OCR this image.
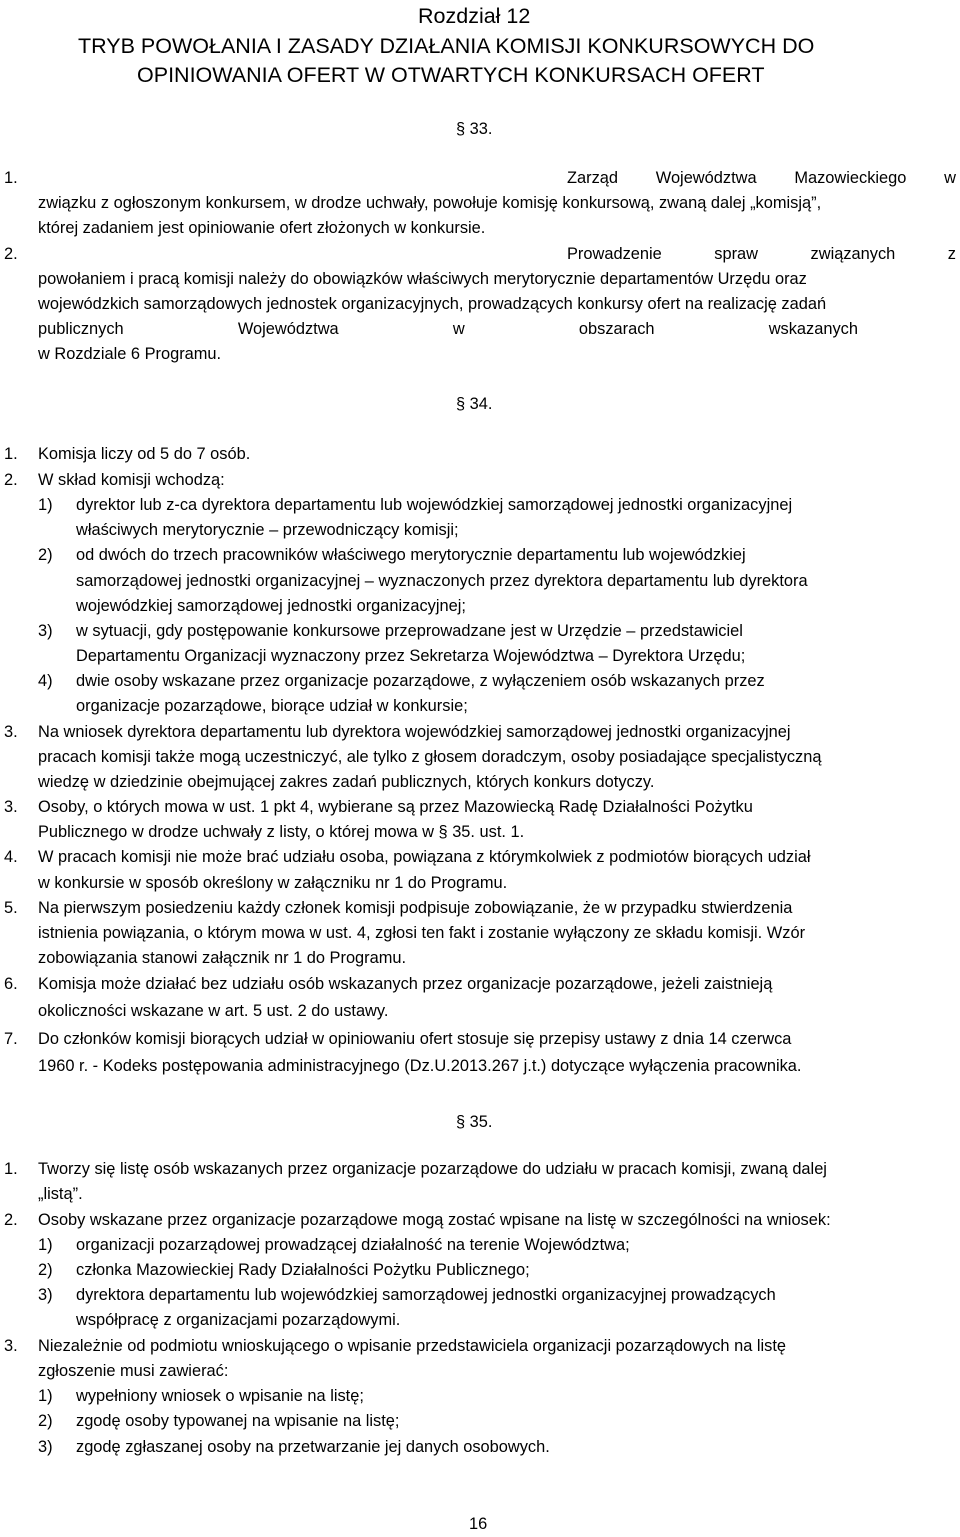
Rozdział 12
TRYB POWOŁANIA I ZASADY DZIAŁANIA KOMISJI KONKURSOWYCH DO
OPINIOWANIA OFERT W OTWARTYCH KONKURSACH OFERT
§ 33.
1.	Zarząd Województwa Mazowieckiego w
związku z ogłoszonym konkursem, w drodze uchwały, powołuje komisję konkursową, zwaną dalej „komisją”,
której zadaniem jest opiniowanie ofert złożonych w konkursie.
2.	Prowadzenie	spraw	związanych	z
powołaniem i pracą komisji należy do obowiązków właściwych merytorycznie departamentów Urzędu oraz
wojewódzkich samorządowych jednostek organizacyjnych, prowadzących konkursy ofert na realizację zadań
publicznych	Województwa	w	obszarach	wskazanych
w Rozdziale 6 Programu.
§ 34.
1. Komisja liczy od 5 do 7 osób.
2. W skład komisji wchodzą:
1) dyrektor lub z-ca dyrektora departamentu lub wojewódzkiej samorządowej jednostki organizacyjnej
właściwych merytorycznie – przewodniczący komisji;
2) od dwóch do trzech pracowników właściwego merytorycznie departamentu lub wojewódzkiej
samorządowej jednostki organizacyjnej – wyznaczonych przez dyrektora departamentu lub dyrektora
wojewódzkiej samorządowej jednostki organizacyjnej;
3) w sytuacji, gdy postępowanie konkursowe przeprowadzane jest w Urzędzie – przedstawiciel
Departamentu Organizacji wyznaczony przez Sekretarza Województwa – Dyrektora Urzędu;
4) dwie osoby wskazane przez organizacje pozarządowe, z wyłączeniem osób wskazanych przez
organizacje pozarządowe, biorące udział w konkursie;
3. Na wniosek dyrektora departamentu lub dyrektora wojewódzkiej samorządowej jednostki organizacyjnej
pracach komisji także mogą uczestniczyć, ale tylko z głosem doradczym, osoby posiadające specjalistyczną
wiedzę w dziedzinie obejmującej zakres zadań publicznych, których konkurs dotyczy.
3. Osoby, o których mowa w ust. 1 pkt 4, wybierane są przez Mazowiecką Radę Działalności Pożytku
Publicznego w drodze uchwały z listy, o której mowa w § 35. ust. 1.
4. W pracach komisji nie może brać udziału osoba, powiązana z którymkolwiek z podmiotów biorących udział
w konkursie w sposób określony w załączniku nr 1 do Programu.
5. Na pierwszym posiedzeniu każdy członek komisji podpisuje zobowiązanie, że w przypadku stwierdzenia
istnienia powiązania, o którym mowa w ust. 4, zgłosi ten fakt i zostanie wyłączony ze składu komisji. Wzór
zobowiązania stanowi załącznik nr 1 do Programu.
6. Komisja może działać bez udziału osób wskazanych przez organizacje pozarządowe, jeżeli zaistnieją
okoliczności wskazane w art. 5 ust. 2 do ustawy.
7. Do członków komisji biorących udział w opiniowaniu ofert stosuje się przepisy ustawy z dnia 14 czerwca
1960 r. - Kodeks postępowania administracyjnego (Dz.U.2013.267 j.t.) dotyczące wyłączenia pracownika.
§ 35.
1. Tworzy się listę osób wskazanych przez organizacje pozarządowe do udziału w pracach komisji, zwaną dalej
„listą”.
2. Osoby wskazane przez organizacje pozarządowe mogą zostać wpisane na listę w szczególności na wniosek:
1) organizacji pozarządowej prowadzącej działalność na terenie Województwa;
2) członka Mazowieckiej Rady Działalności Pożytku Publicznego;
3) dyrektora departamentu lub wojewódzkiej samorządowej jednostki organizacyjnej prowadzących
współpracę z organizacjami pozarządowymi.
3. Niezależnie od podmiotu wnioskującego o wpisanie przedstawiciela organizacji pozarządowych na listę
zgłoszenie musi zawierać:
1) wypełniony wniosek o wpisanie na listę;
2) zgodę osoby typowanej na wpisanie na listę;
3) zgodę zgłaszanej osoby na przetwarzanie jej danych osobowych.
16
